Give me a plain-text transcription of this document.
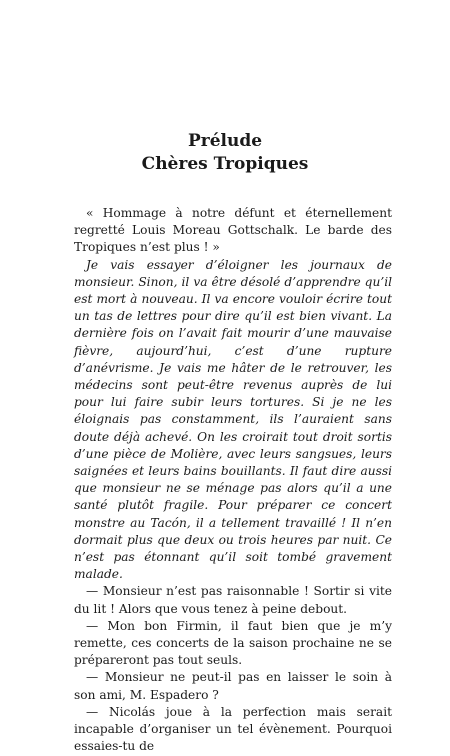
Prélude
Chères Tropiques

« Hommage à notre défunt et éternellement regretté Louis Moreau Gottschalk. Le barde des Tropiques n’est plus ! »

Je vais essayer d’éloigner les journaux de monsieur. Sinon, il va être désolé d’apprendre qu’il est mort à nouveau. Il va encore vouloir écrire tout un tas de lettres pour dire qu’il est bien vivant. La dernière fois on l’avait fait mourir d’une mauvaise fièvre, aujourd’hui, c’est d’une rupture d’anévrisme. Je vais me hâter de le retrouver, les médecins sont peut-être revenus auprès de lui pour lui faire subir leurs tortures. Si je ne les éloignais pas constamment, ils l’auraient sans doute déjà achevé. On les croirait tout droit sortis d’une pièce de Molière, avec leurs sangsues, leurs saignées et leurs bains bouillants. Il faut dire aussi que monsieur ne se ménage pas alors qu’il a une santé plutôt fragile. Pour préparer ce concert monstre au Tacón, il a tellement travaillé ! Il n’en dormait plus que deux ou trois heures par nuit. Ce n’est pas étonnant qu’il soit tombé gravement malade.

— Monsieur n’est pas raisonnable ! Sortir si vite du lit ! Alors que vous tenez à peine debout.

— Mon bon Firmin, il faut bien que je m’y remette, ces concerts de la saison prochaine ne se prépareront pas tout seuls.

— Monsieur ne peut-il pas en laisser le soin à son ami, M. Espadero ?

— Nicolás joue à la perfection mais serait incapable d’organiser un tel évènement. Pourquoi essaies-tu de
